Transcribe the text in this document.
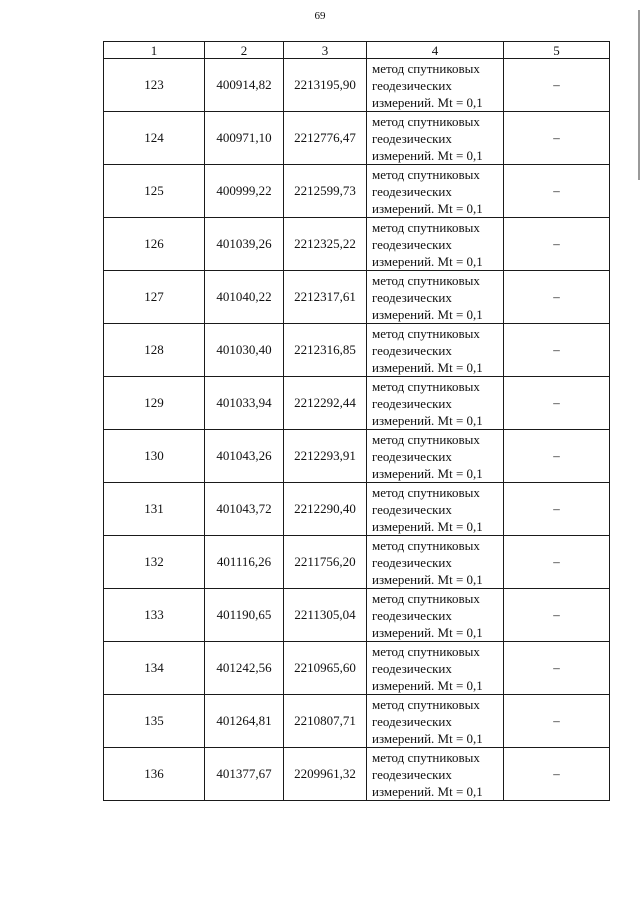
69
1	2	3	4	5
123	400914,82	2213195,90	метод спутниковых
геодезических
измерений. Mt = 0,1	–
124	400971,10	2212776,47	метод спутниковых
геодезических
измерений. Mt = 0,1	–
125	400999,22	2212599,73	метод спутниковых
геодезических
измерений. Mt = 0,1	–
126	401039,26	2212325,22	метод спутниковых
геодезических
измерений. Mt = 0,1	–
127	401040,22	2212317,61	метод спутниковых
геодезических
измерений. Mt = 0,1	–
128	401030,40	2212316,85	метод спутниковых
геодезических
измерений. Mt = 0,1	–
129	401033,94	2212292,44	метод спутниковых
геодезических
измерений. Mt = 0,1	–
130	401043,26	2212293,91	метод спутниковых
геодезических
измерений. Mt = 0,1	–
131	401043,72	2212290,40	метод спутниковых
геодезических
измерений. Mt = 0,1	–
132	401116,26	2211756,20	метод спутниковых
геодезических
измерений. Mt = 0,1	–
133	401190,65	2211305,04	метод спутниковых
геодезических
измерений. Mt = 0,1	–
134	401242,56	2210965,60	метод спутниковых
геодезических
измерений. Mt = 0,1	–
135	401264,81	2210807,71	метод спутниковых
геодезических
измерений. Mt = 0,1	–
136	401377,67	2209961,32	метод спутниковых
геодезических
измерений. Mt = 0,1	–
